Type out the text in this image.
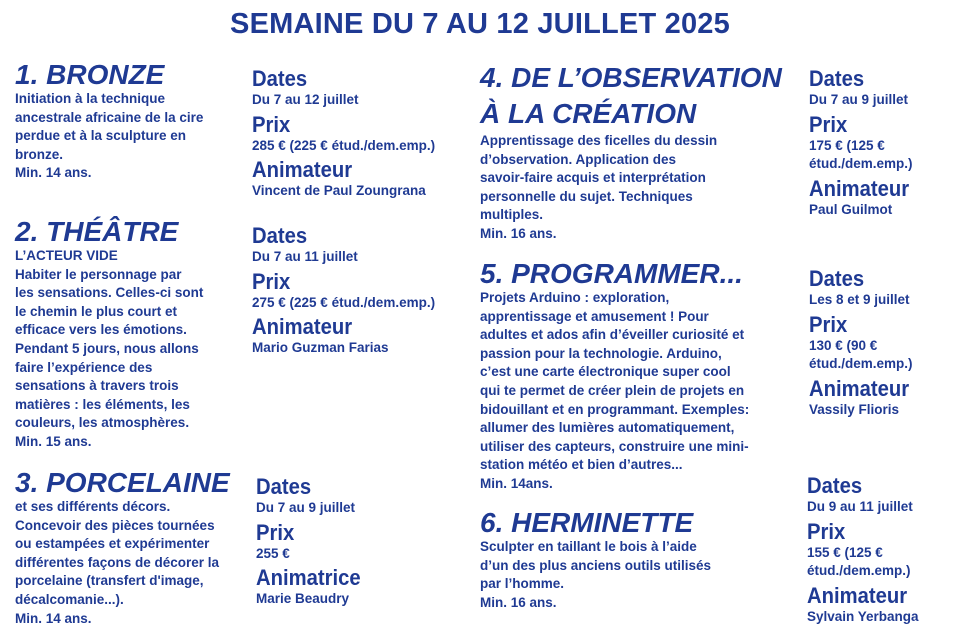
SEMAINE DU 7 AU 12 JUILLET 2025
1. BRONZE
Initiation à la technique
ancestrale africaine de la cire
perdue et à la sculpture en
bronze.
Min. 14 ans.
Dates
Du 7 au 12 juillet
Prix
285 € (225 € étud./dem.emp.)
Animateur
Vincent de Paul Zoungrana
2. THÉÂTRE
L’ACTEUR VIDE
Habiter le personnage par
les sensations. Celles-ci sont
le chemin le plus court et
efficace vers les émotions.
Pendant 5 jours, nous allons
faire l’expérience des
sensations à travers trois
matières : les éléments, les
couleurs, les atmosphères.
Min. 15 ans.
Dates
Du 7 au 11 juillet
Prix
275 € (225 € étud./dem.emp.)
Animateur
Mario Guzman Farias
3. PORCELAINE
et ses différents décors.
Concevoir des pièces tournées
ou estampées et expérimenter
différentes façons de décorer la
porcelaine (transfert d'image,
décalcomanie...).
Min. 14 ans.
Dates
Du 7 au 9 juillet
Prix
255 €
Animatrice
Marie Beaudry
4. DE L’OBSERVATION
À LA CRÉATION
Apprentissage des ficelles du dessin
d’observation. Application des
savoir-faire acquis et interprétation
personnelle du sujet. Techniques
multiples.
Min. 16 ans.
Dates
Du 7 au 9 juillet
Prix
175 € (125 €
étud./dem.emp.)
Animateur
Paul Guilmot
5. PROGRAMMER...
Projets Arduino : exploration,
apprentissage et amusement ! Pour
adultes et ados afin d’éveiller curiosité et
passion pour la technologie. Arduino,
c’est une carte électronique super cool
qui te permet de créer plein de projets en
bidouillant et en programmant. Exemples:
allumer des lumières automatiquement,
utiliser des capteurs, construire une mini-
station météo et bien d’autres...
Min. 14ans.
Dates
Les 8 et 9 juillet
Prix
130 € (90 €
étud./dem.emp.)
Animateur
Vassily Flioris
6. HERMINETTE
Sculpter en taillant le bois à l’aide
d’un des plus anciens outils utilisés
par l’homme.
Min. 16 ans.
Dates
Du 9 au 11 juillet
Prix
155 € (125 €
étud./dem.emp.)
Animateur
Sylvain Yerbanga
